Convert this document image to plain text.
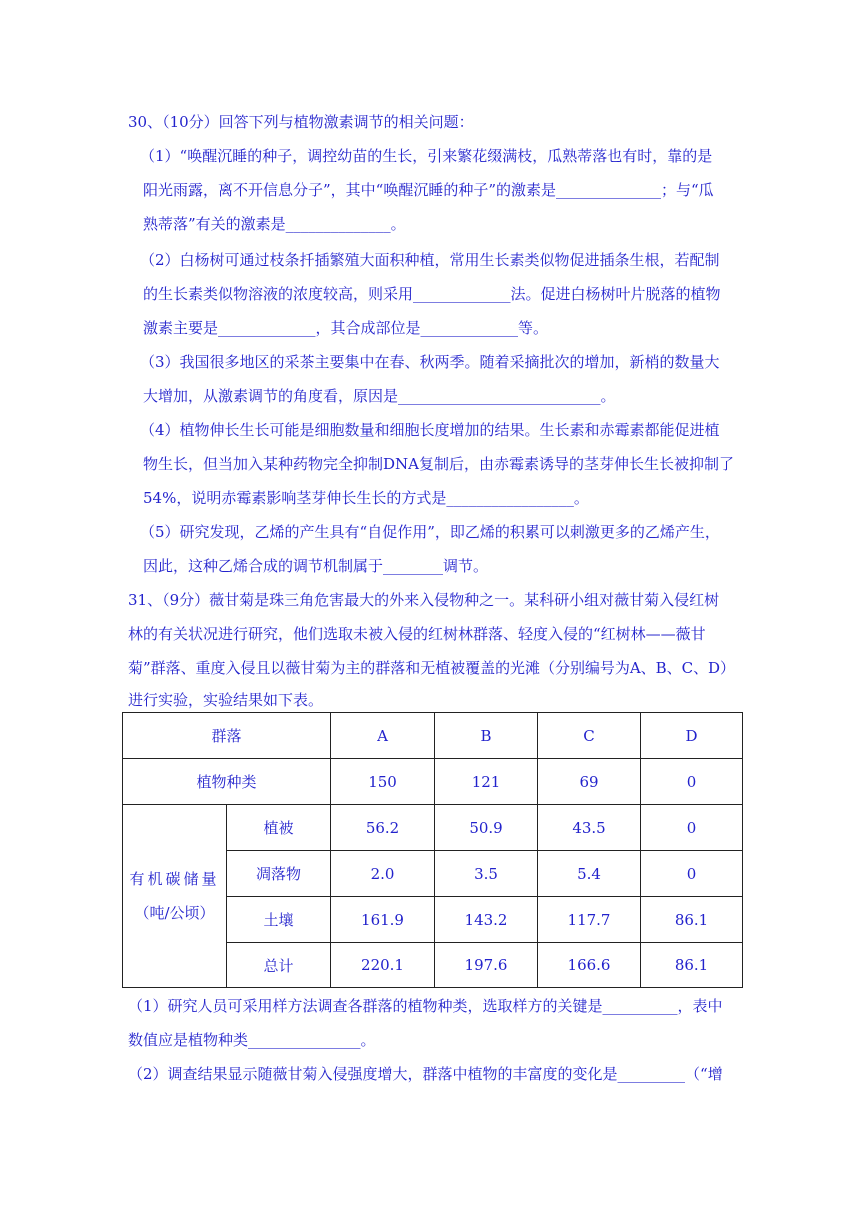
30、（10分）回答下列与植物激素调节的相关问题：
（1）“唤醒沉睡的种子，调控幼苗的生长，引来繁花缀满枝，瓜熟蒂落也有时，靠的是
阳光雨露，离不开信息分子”，其中“唤醒沉睡的种子”的激素是______________；与“瓜
熟蒂落”有关的激素是______________。
（2）白杨树可通过枝条扦插繁殖大面积种植，常用生长素类似物促进插条生根，若配制
的生长素类似物溶液的浓度较高，则采用_____________法。促进白杨树叶片脱落的植物
激素主要是_____________，其合成部位是_____________等。
（3）我国很多地区的采茶主要集中在春、秋两季。随着采摘批次的增加，新梢的数量大
大增加，从激素调节的角度看，原因是___________________________。
（4）植物伸长生长可能是细胞数量和细胞长度增加的结果。生长素和赤霉素都能促进植
物生长，但当加入某种药物完全抑制DNA复制后，由赤霉素诱导的茎芽伸长生长被抑制了
54%，说明赤霉素影响茎芽伸长生长的方式是_________________。
（5）研究发现，乙烯的产生具有“自促作用”，即乙烯的积累可以刺激更多的乙烯产生，
因此，这种乙烯合成的调节机制属于________调节。
31、（9分）薇甘菊是珠三角危害最大的外来入侵物种之一。某科研小组对薇甘菊入侵红树
林的有关状况进行研究，他们选取未被入侵的红树林群落、轻度入侵的“红树林——薇甘
菊”群落、重度入侵且以薇甘菊为主的群落和无植被覆盖的光滩（分别编号为A、B、C、D）
进行实验，实验结果如下表。
群落		A	B	C	D
植物种类		150	121	69	0

有机碳储量
（吨/公顷）	植被	56.2	50.9	43.5	0
	凋落物	2.0	3.5	5.4	0
	土壤	161.9	143.2	117.7	86.1
	总计	220.1	197.6	166.6	86.1
（1）研究人员可采用样方法调查各群落的植物种类，选取样方的关键是__________，表中
数值应是植物种类_______________。
（2）调查结果显示随薇甘菊入侵强度增大，群落中植物的丰富度的变化是_________（“增
